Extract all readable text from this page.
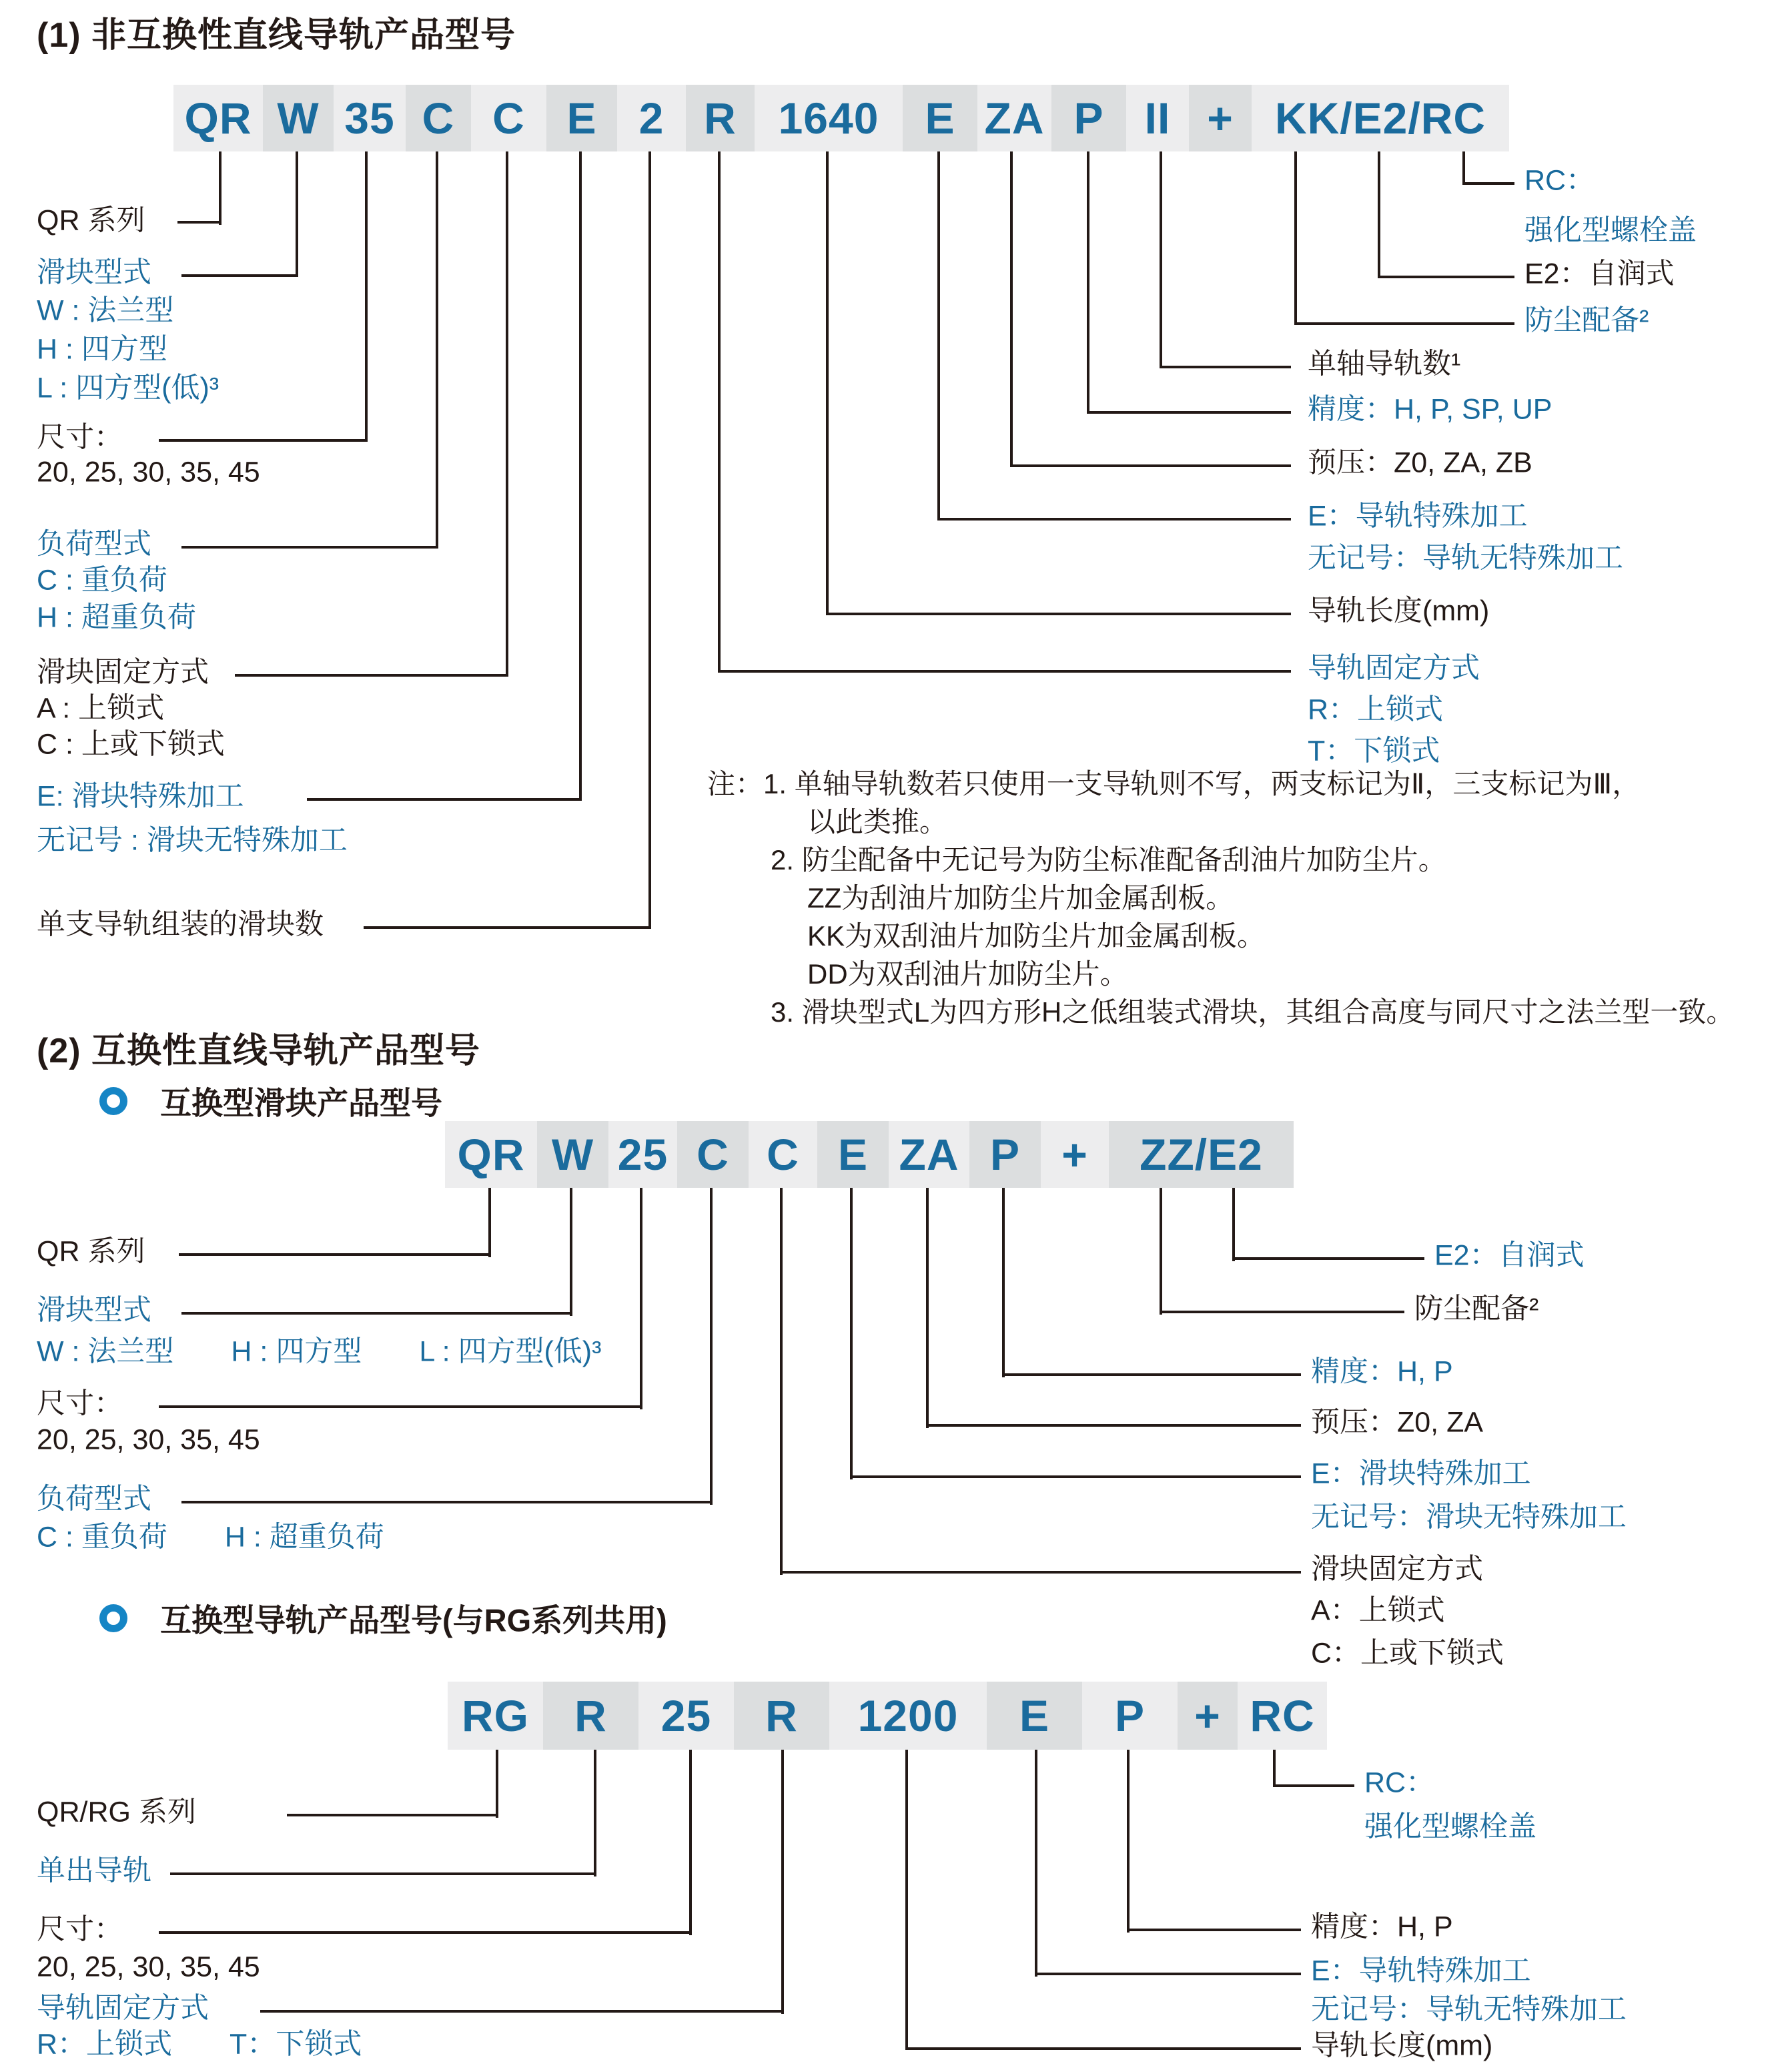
(1) 非互换性直线导轨产品型号
QR W 35 C C E 2 R 1640	E ZA P II + KK/E2/RC
QR 系列
滑块型式
W : 法兰型
H : 四方型
L : 四方型(低)³
尺寸：
20, 25, 30, 35, 45
负荷型式
C : 重负荷
H : 超重负荷
滑块固定方式
A : 上锁式
C : 上或下锁式
E: 滑块特殊加工
无记号 : 滑块无特殊加工
单支导轨组装的滑块数
RC：
强化型螺栓盖
E2：自润式
防尘配备²
单轴导轨数¹
精度：H, P, SP, UP
预压：Z0, ZA, ZB
E：导轨特殊加工
无记号：导轨无特殊加工
导轨长度(mm)
导轨固定方式
R：上锁式
T：下锁式
注：1. 单轴导轨数若只使用一支导轨则不写，两支标记为Ⅱ，三支标记为Ⅲ，
以此类推。
2. 防尘配备中无记号为防尘标准配备刮油片加防尘片。
ZZ为刮油片加防尘片加金属刮板。
KK为双刮油片加防尘片加金属刮板。
DD为双刮油片加防尘片。
3. 滑块型式L为四方形H之低组装式滑块，其组合高度与同尺寸之法兰型一致。
(2) 互换性直线导轨产品型号
互换型滑块产品型号
QR W 25 C C E ZA P +	ZZ/E2
QR 系列
滑块型式
W : 法兰型　　H : 四方型　　L : 四方型(低)³
尺寸：
20, 25, 30, 35, 45
负荷型式
C : 重负荷　　H : 超重负荷
E2：自润式
防尘配备²
精度：H, P
预压：Z0, ZA
E：滑块特殊加工
无记号：滑块无特殊加工
滑块固定方式
A：上锁式
C：上或下锁式
互换型导轨产品型号(与RG系列共用)
RG	R	25	R	1200	E	P	+ RC
QR/RG 系列
单出导轨
尺寸：
20, 25, 30, 35, 45
导轨固定方式
R：上锁式　　T：下锁式
RC：
强化型螺栓盖
精度：H, P
E：导轨特殊加工
无记号：导轨无特殊加工
导轨长度(mm)
